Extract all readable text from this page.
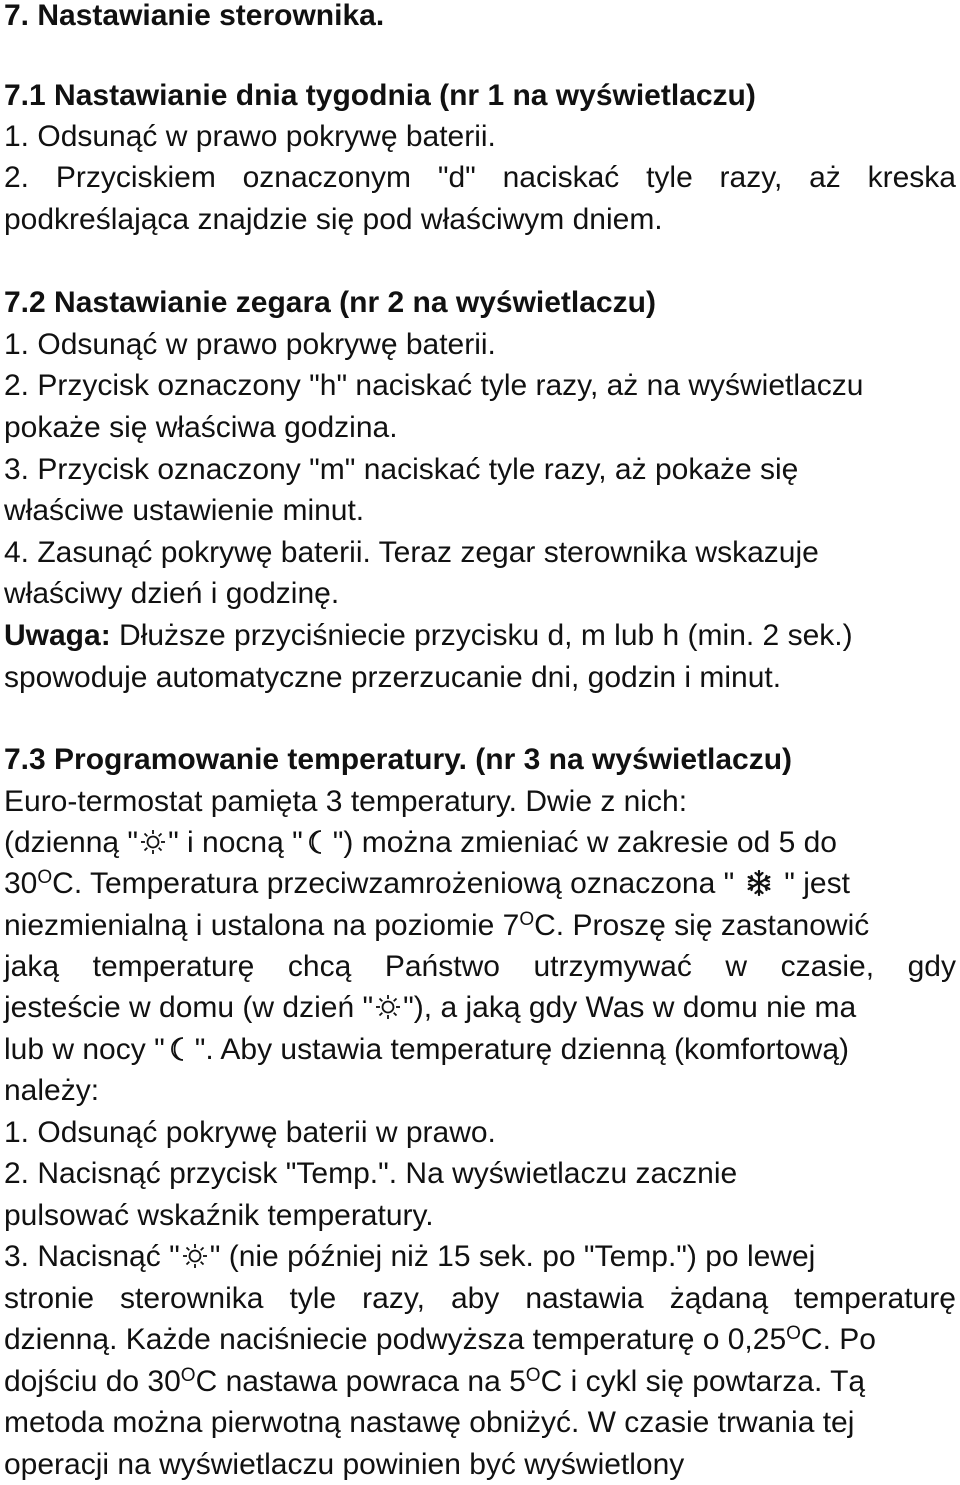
7. Nastawianie sterownika.
7.1 Nastawianie dnia tygodnia (nr 1 na wyświetlaczu)
1. Odsunąć w prawo pokrywę baterii.
2. Przyciskiem oznaczonym "d" naciskać tyle razy, aż kreska
podkreślająca znajdzie się pod właściwym dniem.
7.2 Nastawianie zegara (nr 2 na wyświetlaczu)
1. Odsunąć w prawo pokrywę baterii.
2. Przycisk oznaczony "h" naciskać tyle razy, aż na wyświetlaczu
pokaże się właściwa godzina.
3. Przycisk oznaczony "m" naciskać tyle razy, aż pokaże się
właściwe ustawienie minut.
4. Zasunąć pokrywę baterii. Teraz zegar sterownika wskazuje
właściwy dzień i godzinę.
Uwaga: Dłuższe przyciśniecie przycisku d, m lub h (min. 2 sek.)
spowoduje automatyczne przerzucanie dni, godzin i minut.
7.3 Programowanie temperatury. (nr 3 na wyświetlaczu)
Euro-termostat pamięta 3 temperatury. Dwie z nich:
(dzienną " " i nocną " ") można zmieniać w zakresie od 5 do
$30^OC$. Temperatura przeciwzamrożeniową oznaczona " " jest
niezmienialną i ustalona na poziomie $7^OC$. Proszę się zastanowić
jaką temperaturę chcą Państwo utrzymywać w czasie, gdy
jesteście w domu (w dzień " "), a jaką gdy Was w domu nie ma
lub w nocy " ". Aby ustawia temperaturę dzienną (komfortową)
należy:
1. Odsunąć pokrywę baterii w prawo.
2. Nacisnąć przycisk "Temp.". Na wyświetlaczu zacznie
pulsować wskaźnik temperatury.
3. Nacisnąć " " (nie później niż 15 sek. po "Temp.") po lewej
stronie sterownika tyle razy, aby nastawia żądaną temperaturę
dzienną. Każde naciśniecie podwyższa temperaturę o $0,25^OC$. Po
dojściu do $30^OC$ nastawa powraca na $5^OC$ i cykl się powtarza. Tą
metoda można pierwotną nastawę obniżyć. W czasie trwania tej
operacji na wyświetlaczu powinien być wyświetlony
